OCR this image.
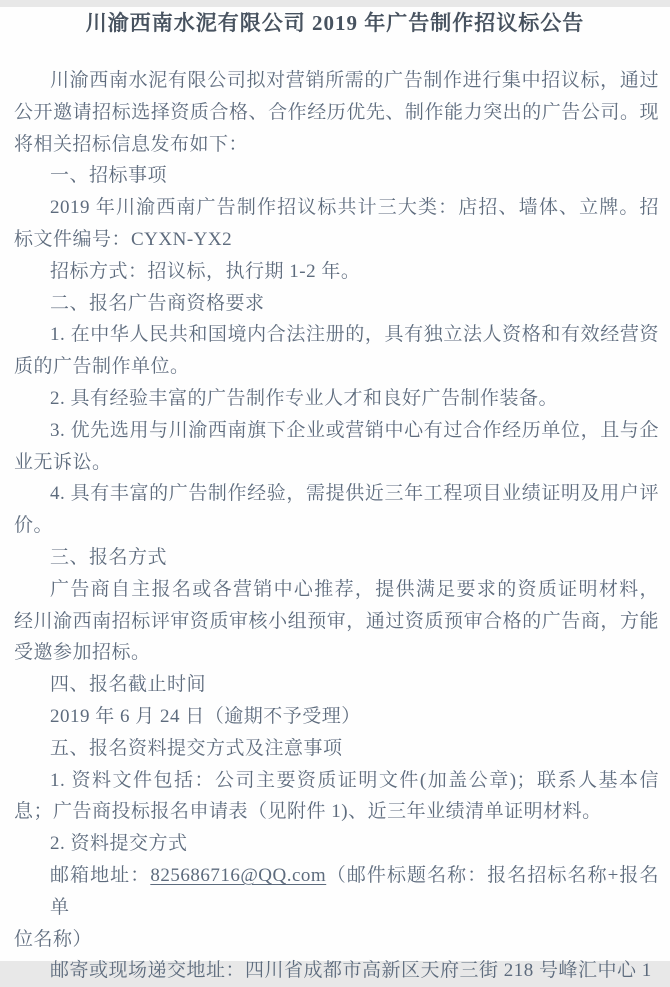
川渝西南水泥有限公司 2019 年广告制作招议标公告
川渝西南水泥有限公司拟对营销所需的广告制作进行集中招议标，通过
公开邀请招标选择资质合格、合作经历优先、制作能力突出的广告公司。现
将相关招标信息发布如下：
一、招标事项
2019 年川渝西南广告制作招议标共计三大类：店招、墙体、立牌。招
标文件编号：CYXN-YX2
招标方式：招议标，执行期 1-2 年。
二、报名广告商资格要求
1. 在中华人民共和国境内合法注册的，具有独立法人资格和有效经营资
质的广告制作单位。
2. 具有经验丰富的广告制作专业人才和良好广告制作装备。
3. 优先选用与川渝西南旗下企业或营销中心有过合作经历单位，且与企
业无诉讼。
4. 具有丰富的广告制作经验，需提供近三年工程项目业绩证明及用户评
价。
三、报名方式
广告商自主报名或各营销中心推荐，提供满足要求的资质证明材料，
经川渝西南招标评审资质审核小组预审，通过资质预审合格的广告商，方能
受邀参加招标。
四、报名截止时间
2019 年 6 月 24 日（逾期不予受理）
五、报名资料提交方式及注意事项
1. 资料文件包括：公司主要资质证明文件(加盖公章)；联系人基本信
息；广告商投标报名申请表（见附件 1)、近三年业绩清单证明材料。
2. 资料提交方式
邮箱地址：825686716@QQ.com（邮件标题名称：报名招标名称+报名单
位名称）
邮寄或现场递交地址：四川省成都市高新区天府三街 218 号峰汇中心 1
